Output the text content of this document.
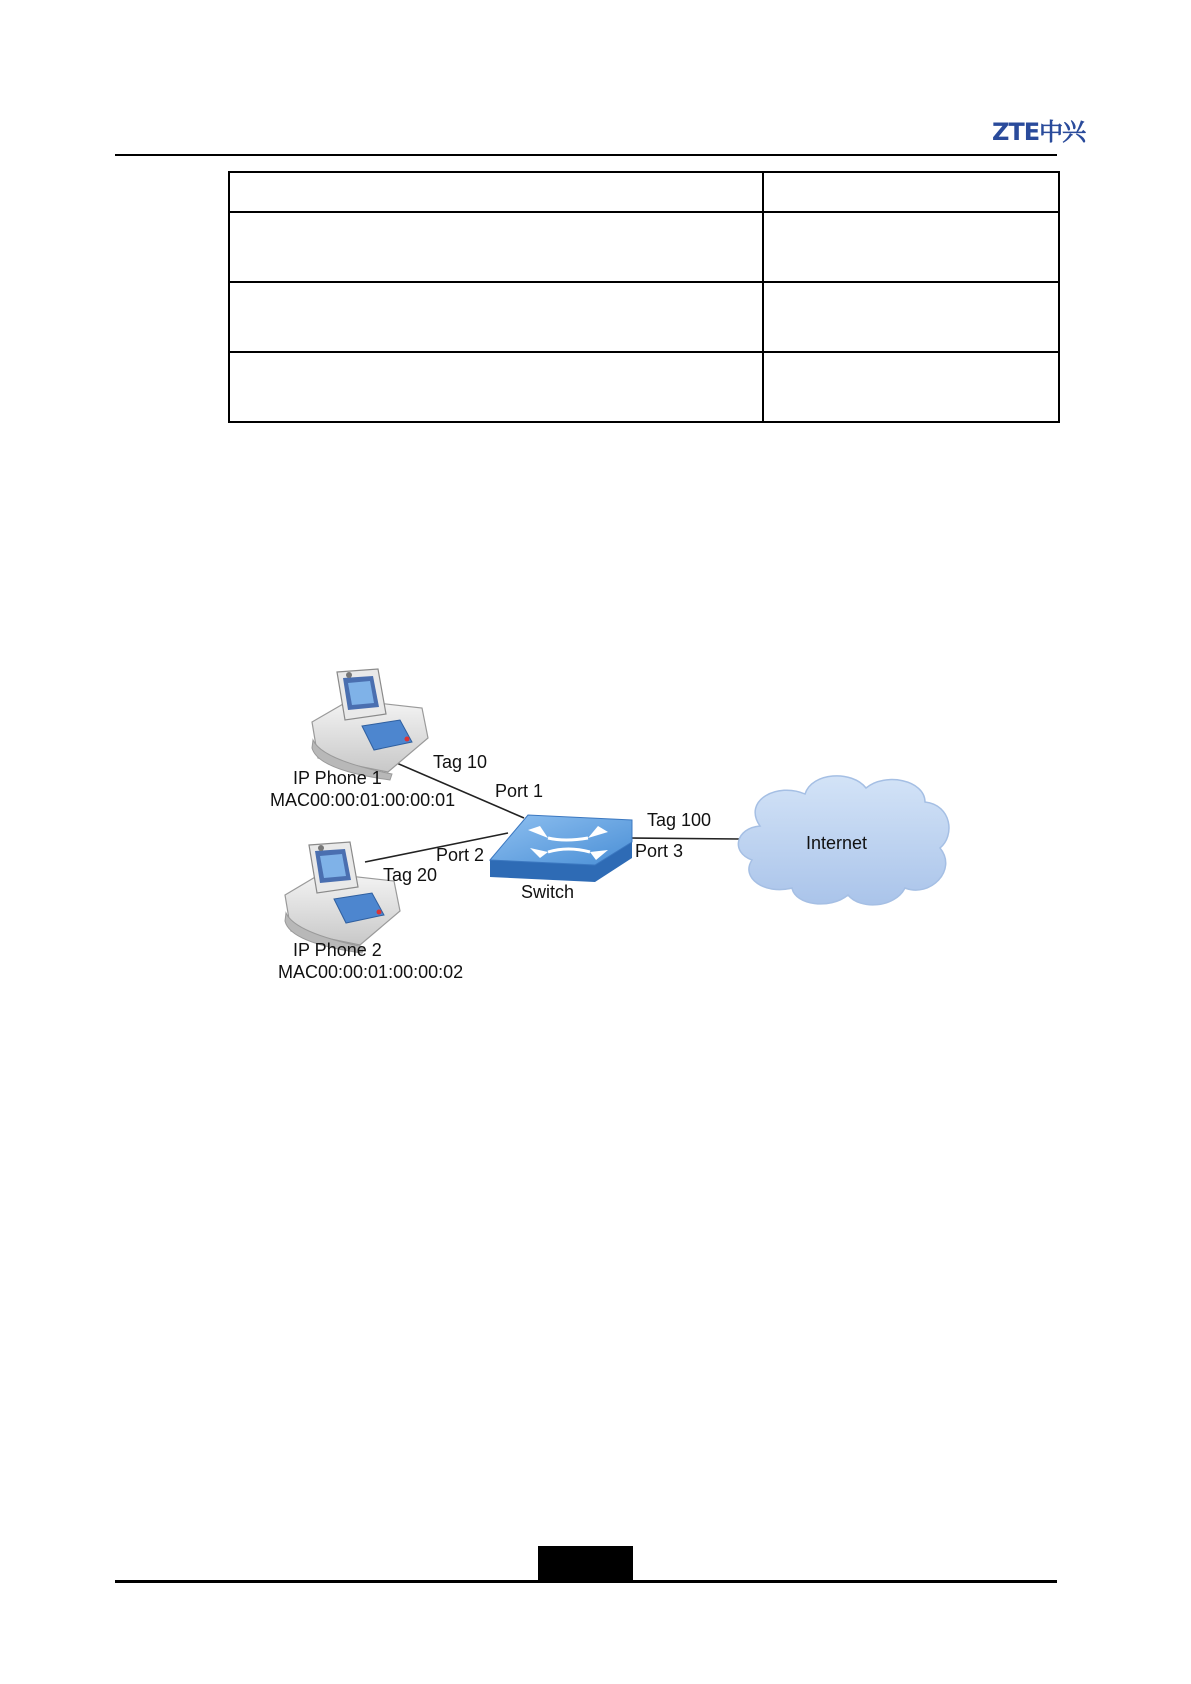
ZTE中兴

Tag 10
IP Phone 1
MAC00:00:01:00:00:01 Port 1
Port 2
Tag 20
Switch
Tag 100
Port 3	Internet
IP Phone 2
MAC00:00:01:00:00:02
